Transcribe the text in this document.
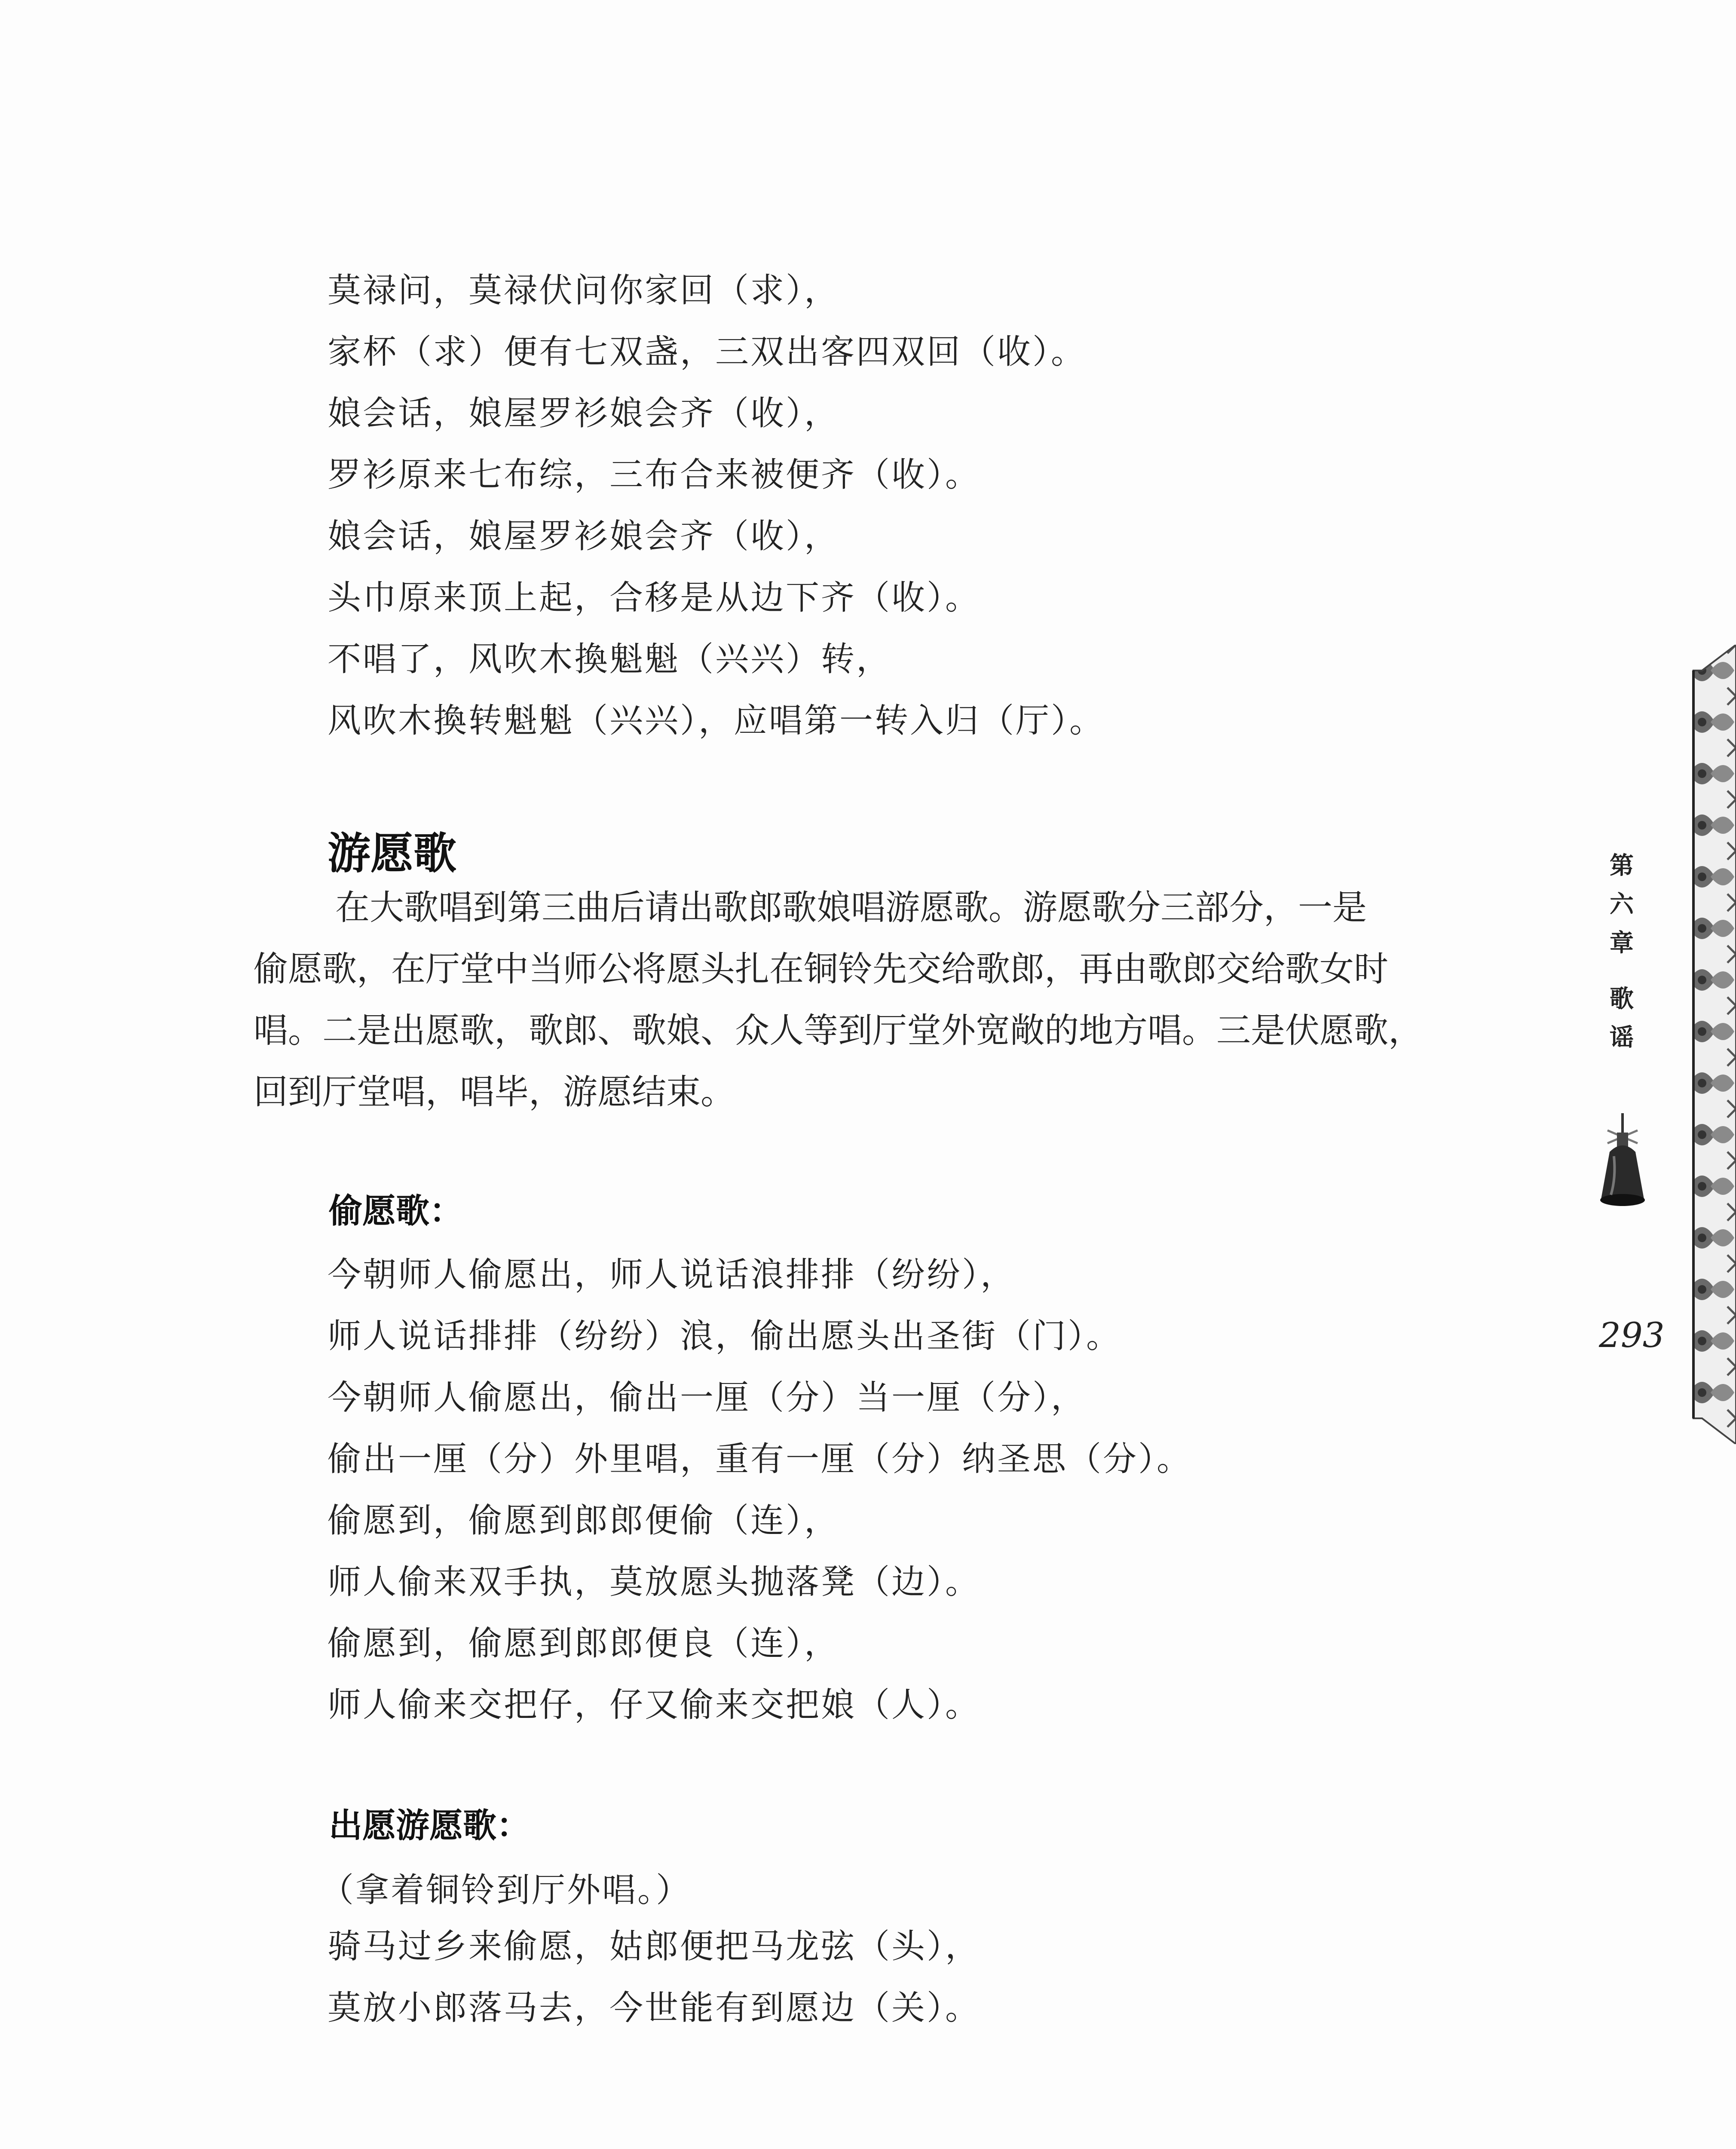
莫禄问，莫禄伏问你家回（求），
家杯（求）便有七双盏，三双出客四双回（收）。
娘会话，娘屋罗衫娘会齐（收），
罗衫原来七布综，三布合来被便齐（收）。
娘会话，娘屋罗衫娘会齐（收），
头巾原来顶上起，合移是从边下齐（收）。
不唱了，风吹木換魁魁（兴兴）转，
风吹木換转魁魁（兴兴），应唱第一转入归（厅）。
游愿歌
在大歌唱到第三曲后请出歌郎歌娘唱游愿歌。游愿歌分三部分，一是
偷愿歌，在厅堂中当师公将愿头扎在铜铃先交给歌郎，再由歌郎交给歌女时
唱。二是出愿歌，歌郎、歌娘、众人等到厅堂外宽敞的地方唱。三是伏愿歌，
回到厅堂唱，唱毕，游愿结束。
偷愿歌：
今朝师人偷愿出，师人说话浪排排（纷纷），
师人说话排排（纷纷）浪，偷出愿头出圣街（门）。
今朝师人偷愿出，偷出一厘（分）当一厘（分），
偷出一厘（分）外里唱，重有一厘（分）纳圣思（分）。
偷愿到，偷愿到郎郎便偷（连），
师人偷来双手执，莫放愿头抛落凳（边）。
偷愿到，偷愿到郎郎便良（连），
师人偷来交把仔，仔又偷来交把娘（人）。
出愿游愿歌：
（拿着铜铃到厅外唱。）
骑马过乡来偷愿，姑郎便把马龙弦（头），
莫放小郎落马去，今世能有到愿边（关）。
第
六
章
歌
谣
293
